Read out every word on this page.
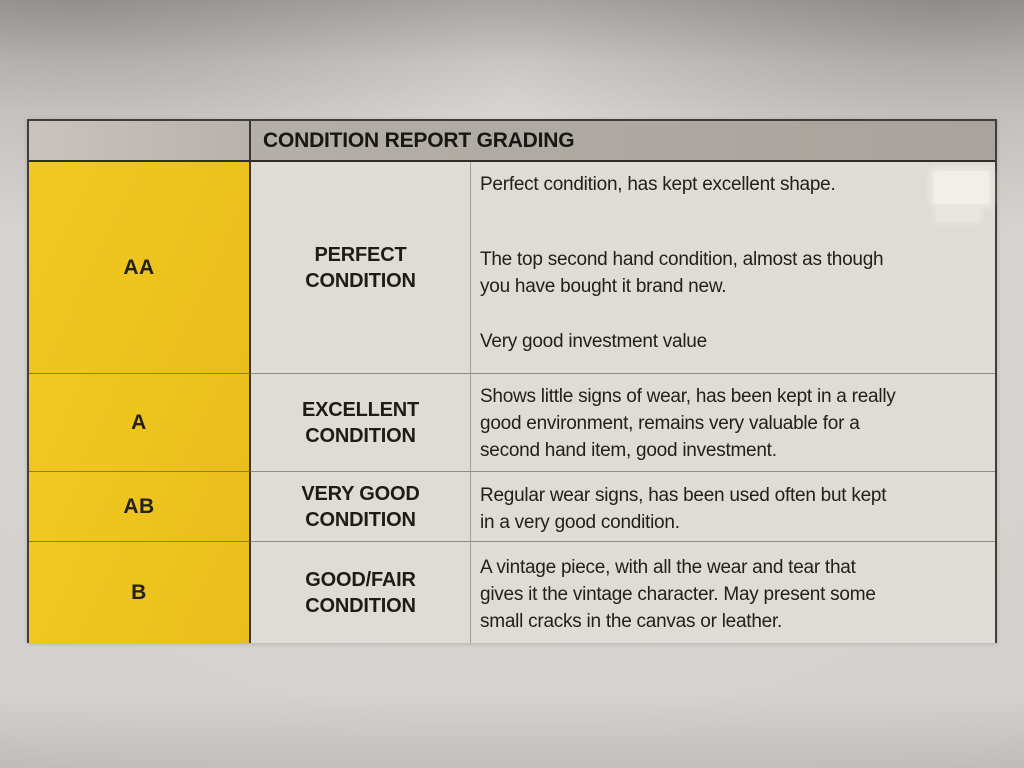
CONDITION REPORT GRADING
AA
PERFECT
CONDITION
Perfect condition, has kept excellent shape.
The top second hand condition, almost as though
you have bought it brand new.
Very good investment value
A
EXCELLENT
CONDITION
Shows little signs of wear, has been kept in a really
good environment, remains very valuable for a
second hand item, good investment.
AB
VERY GOOD
CONDITION
Regular wear signs, has been used often but kept
in a very good condition.
B
GOOD/FAIR
CONDITION
A vintage piece, with all the wear and tear that
gives it the vintage character. May present some
small cracks in the canvas or leather.
